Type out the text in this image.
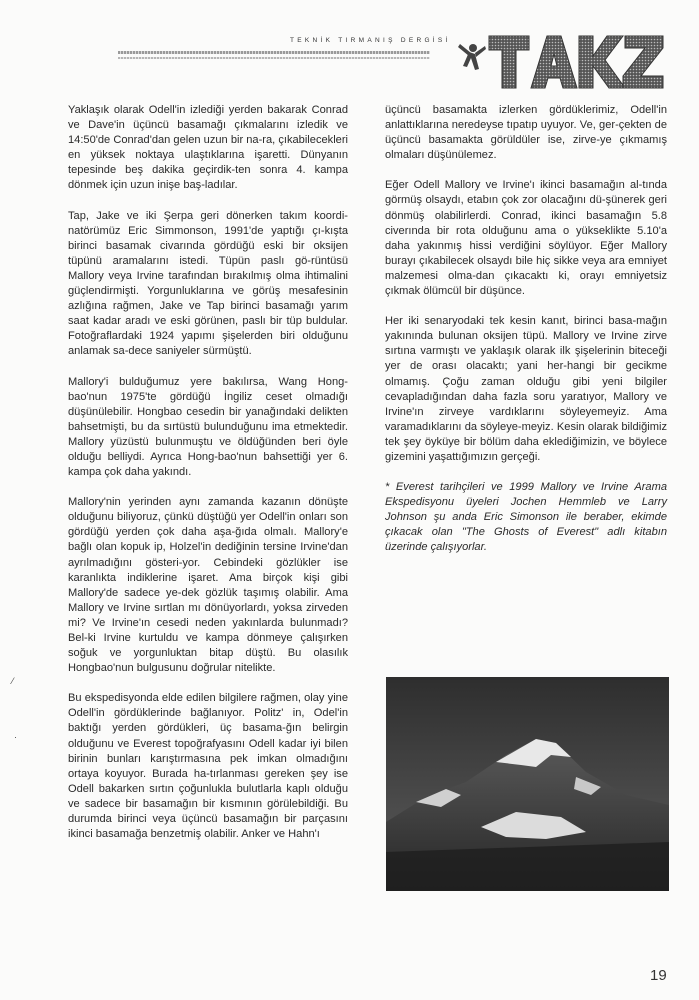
TEKNİK TIRMANIŞ DERGİSİ

Yaklaşık olarak Odell'in izlediği yerden bakarak Conrad ve Dave'in üçüncü basamağı çıkmalarını izledik ve 14:50'de Conrad'dan gelen uzun bir na-ra, çıkabilecekleri en yüksek noktaya ulaştıklarına işaretti. Dünyanın tepesinde beş dakika geçirdik-ten sonra 4. kampa dönmek için uzun inişe baş-ladılar.

Tap, Jake ve iki Şerpa geri dönerken takım koordi-natörümüz Eric Simmonson, 1991'de yaptığı çı-kışta birinci basamak civarında gördüğü eski bir oksijen tüpünü aramalarını istedi. Tüpün paslı gö-rüntüsü Mallory veya Irvine tarafından bırakılmış olma ihtimalini güçlendirmişti. Yorgunluklarına ve görüş mesafesinin azlığına rağmen, Jake ve Tap birinci basamağı yarım saat kadar aradı ve eski görünen, paslı bir tüp buldular. Fotoğraflardaki 1924 yapımı şişelerden biri olduğunu anlamak sa-dece saniyeler sürmüştü.

Mallory'i bulduğumuz yere bakılırsa, Wang Hong-bao'nun 1975'te gördüğü İngiliz ceset olmadığı düşünülebilir. Hongbao cesedin bir yanağındaki delikten bahsetmişti, bu da sırtüstü bulunduğunu ima etmektedir. Mallory yüzüstü bulunmuştu ve öldüğünden beri öyle olduğu belliydi. Ayrıca Hong-bao'nun bahsettiği yer 6. kampa çok daha yakındı.

Mallory'nin yerinden aynı zamanda kazanın dönüşte olduğunu biliyoruz, çünkü düştüğü yer Odell'in onları son gördüğü yerden çok daha aşa-ğıda olmalı. Mallory'e bağlı olan kopuk ip, Holzel'in dediğinin tersine Irvine'dan ayrılmadığını gösteri-yor. Cebindeki gözlükler ise karanlıkta indiklerine işaret. Ama birçok kişi gibi Mallory'de sadece ye-dek gözlük taşımış olabilir. Ama Mallory ve Irvine sırtlan mı dönüyorlardı, yoksa zirveden mi? Ve Irvine'ın cesedi neden yakınlarda bulunmadı? Bel-ki Irvine kurtuldu ve kampa dönmeye çalışırken soğuk ve yorgunluktan bitap düştü. Bu olasılık Hongbao'nun bulgusunu doğrular nitelikte.

Bu ekspedisyonda elde edilen bilgilere rağmen, olay yine Odell'in gördüklerinde bağlanıyor. Politz' in, Odel'in baktığı yerden gördükleri, üç basama-ğın belirgin olduğunu ve Everest topoğrafyasını Odell kadar iyi bilen birinin bunları karıştırmasına pek imkan olmadığını ortaya koyuyor. Burada ha-tırlanması gereken şey ise Odell bakarken sırtın çoğunlukla bulutlarla kaplı olduğu ve sadece bir basamağın bir kısmının görülebildiği. Bu durumda birinci veya üçüncü basamağın bir parçasını ikinci basamağa benzetmiş olabilir. Anker ve Hahn'ı

üçüncü basamakta izlerken gördüklerimiz, Odell'in anlattıklarına neredeyse tıpatıp uyuyor. Ve, ger-çekten de üçüncü basamakta görüldüler ise, zirve-ye çıkmamış olmaları düşünülemez.

Eğer Odell Mallory ve Irvine'ı ikinci basamağın al-tında görmüş olsaydı, etabın çok zor olacağını dü-şünerek geri dönmüş olabilirlerdi. Conrad, ikinci basamağın 5.8 civerında bir rota olduğunu ama o yükseklikte 5.10'a daha yakınmış hissi verdiğini söylüyor. Eğer Mallory burayı çıkabilecek olsaydı bile hiç sikke veya ara emniyet malzemesi olma-dan çıkacaktı ki, orayı emniyetsiz çıkmak ölümcül bir düşünce.

Her iki senaryodaki tek kesin kanıt, birinci basa-mağın yakınında bulunan oksijen tüpü. Mallory ve Irvine zirve sırtına varmıştı ve yaklaşık olarak ilk şişelerinin biteceği yer de orası olacaktı; yani her-hangi bir gecikme olmamış. Çoğu zaman olduğu gibi yeni bilgiler cevapladığından daha fazla soru yaratıyor, Mallory ve Irvine'ın zirveye vardıklarını söyleyemeyiz. Ama varamadıklarını da söyleye-meyiz. Kesin olarak bildiğimiz tek şey öyküye bir bölüm daha eklediğimizin, ve böylece gizemini yaşattığımızın gerçeği.

* Everest tarihçileri ve 1999 Mallory ve Irvine Arama Ekspedisyonu üyeleri Jochen Hemmleb ve Larry Johnson şu anda Eric Simonson ile beraber, ekimde çıkacak olan "The Ghosts of Everest" adlı kitabın üzerinde çalışıyorlar.

⁄
·
19
